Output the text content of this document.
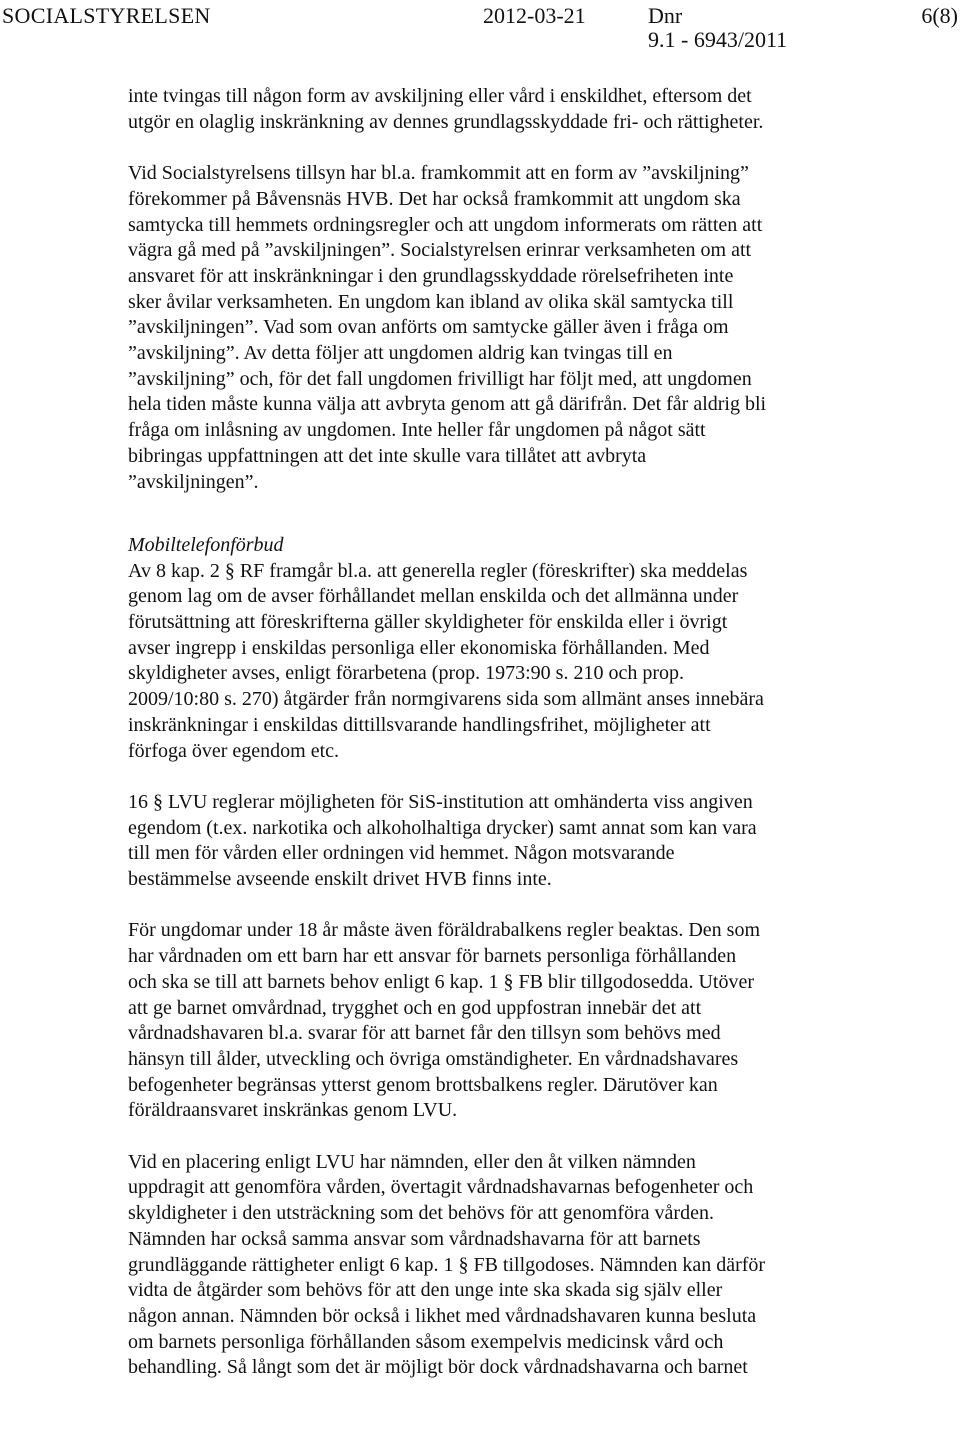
SOCIALSTYRELSEN	2012-03-21	Dnr
9.1 - 6943/2011
6(8)

inte tvingas till någon form av avskiljning eller vård i enskildhet, eftersom det
utgör en olaglig inskränkning av dennes grundlagsskyddade fri- och rättigheter.

Vid Socialstyrelsens tillsyn har bl.a. framkommit att en form av ”avskiljning”
förekommer på Båvensnäs HVB. Det har också framkommit att ungdom ska
samtycka till hemmets ordningsregler och att ungdom informerats om rätten att
vägra gå med på ”avskiljningen”. Socialstyrelsen erinrar verksamheten om att
ansvaret för att inskränkningar i den grundlagsskyddade rörelsefriheten inte
sker åvilar verksamheten. En ungdom kan ibland av olika skäl samtycka till
”avskiljningen”. Vad som ovan anförts om samtycke gäller även i fråga om
”avskiljning”. Av detta följer att ungdomen aldrig kan tvingas till en
”avskiljning” och, för det fall ungdomen frivilligt har följt med, att ungdomen
hela tiden måste kunna välja att avbryta genom att gå därifrån. Det får aldrig bli
fråga om inlåsning av ungdomen. Inte heller får ungdomen på något sätt
bibringas uppfattningen att det inte skulle vara tillåtet att avbryta
”avskiljningen”.

Mobiltelefonförbud

Av 8 kap. 2 § RF framgår bl.a. att generella regler (föreskrifter) ska meddelas
genom lag om de avser förhållandet mellan enskilda och det allmänna under
förutsättning att föreskrifterna gäller skyldigheter för enskilda eller i övrigt
avser ingrepp i enskildas personliga eller ekonomiska förhållanden. Med
skyldigheter avses, enligt förarbetena (prop. 1973:90 s. 210 och prop.
2009/10:80 s. 270) åtgärder från normgivarens sida som allmänt anses innebära
inskränkningar i enskildas dittillsvarande handlingsfrihet, möjligheter att
förfoga över egendom etc.

16 § LVU reglerar möjligheten för SiS-institution att omhänderta viss angiven
egendom (t.ex. narkotika och alkoholhaltiga drycker) samt annat som kan vara
till men för vården eller ordningen vid hemmet. Någon motsvarande
bestämmelse avseende enskilt drivet HVB finns inte.

För ungdomar under 18 år måste även föräldrabalkens regler beaktas. Den som
har vårdnaden om ett barn har ett ansvar för barnets personliga förhållanden
och ska se till att barnets behov enligt 6 kap. 1 § FB blir tillgodosedda. Utöver
att ge barnet omvårdnad, trygghet och en god uppfostran innebär det att
vårdnadshavaren bl.a. svarar för att barnet får den tillsyn som behövs med
hänsyn till ålder, utveckling och övriga omständigheter. En vårdnadshavares
befogenheter begränsas ytterst genom brottsbalkens regler. Därutöver kan
föräldraansvaret inskränkas genom LVU.

Vid en placering enligt LVU har nämnden, eller den åt vilken nämnden
uppdragit att genomföra vården, övertagit vårdnadshavarnas befogenheter och
skyldigheter i den utsträckning som det behövs för att genomföra vården.
Nämnden har också samma ansvar som vårdnadshavarna för att barnets
grundläggande rättigheter enligt 6 kap. 1 § FB tillgodoses. Nämnden kan därför
vidta de åtgärder som behövs för att den unge inte ska skada sig själv eller
någon annan. Nämnden bör också i likhet med vårdnadshavaren kunna besluta
om barnets personliga förhållanden såsom exempelvis medicinsk vård och
behandling. Så långt som det är möjligt bör dock vårdnadshavarna och barnet
